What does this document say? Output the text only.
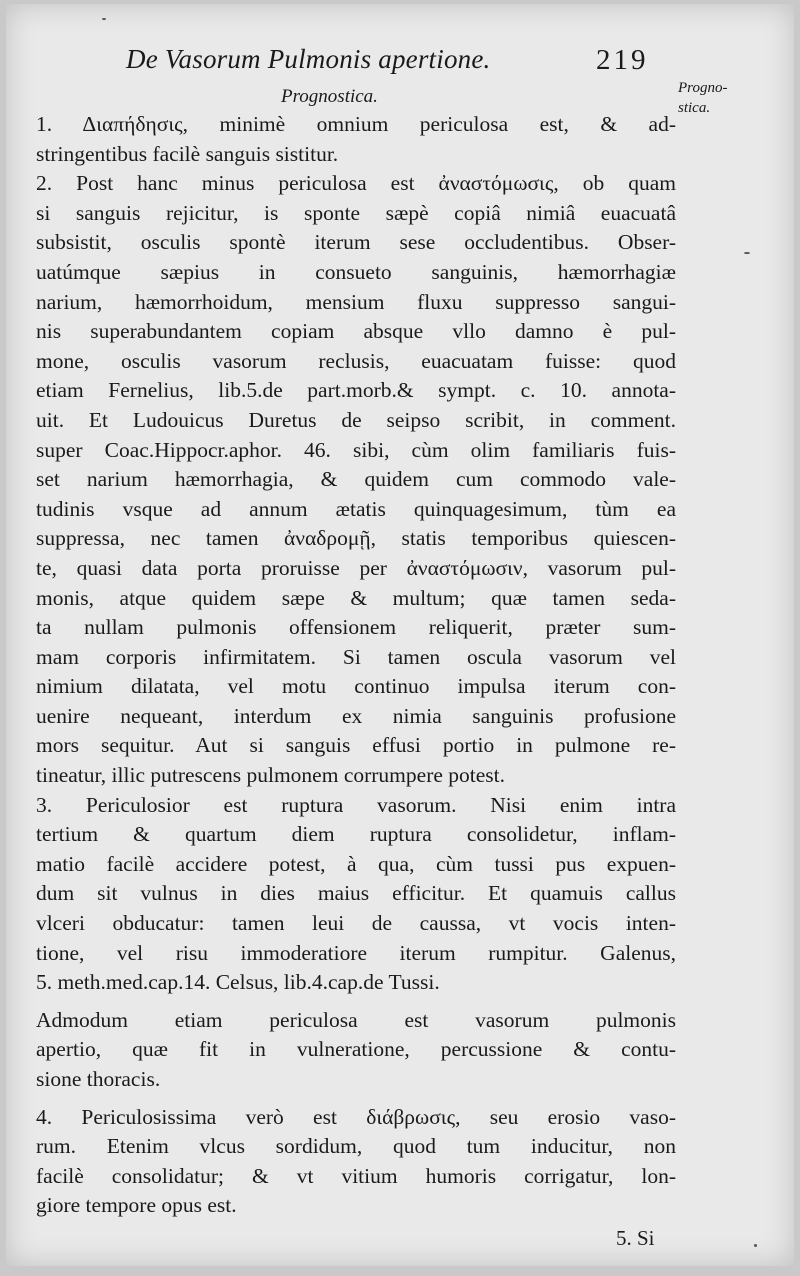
De Vasorum Pulmonis apertione.	219
Progno-
stica.
Prognostica.
1. Διαπήδησις, minimè omnium periculosa est, & ad-
stringentibus facilè sanguis sistitur.
2. Post hanc minus periculosa est ἀναστόμωσις, ob quam
si sanguis rejicitur, is sponte sæpè copiâ nimiâ euacuatâ
subsistit, osculis spontè iterum sese occludentibus. Obser-
uatúmque sæpius in consueto sanguinis, hæmorrhagiæ
narium, hæmorrhoidum, mensium fluxu suppresso sangui-
nis superabundantem copiam absque vllo damno è pul-
mone, osculis vasorum reclusis, euacuatam fuisse: quod
etiam Fernelius, lib.5.de part.morb.& sympt. c. 10. annota-
uit. Et Ludouicus Duretus de seipso scribit, in comment.
super Coac.Hippocr.aphor. 46. sibi, cùm olim familiaris fuis-
set narium hæmorrhagia, & quidem cum commodo vale-
tudinis vsque ad annum ætatis quinquagesimum, tùm ea
suppressa, nec tamen ἀναδρομῇ, statis temporibus quiescen-
te, quasi data porta proruisse per ἀναστόμωσιν, vasorum pul-
monis, atque quidem sæpe & multum; quæ tamen seda-
ta nullam pulmonis offensionem reliquerit, præter sum-
mam corporis infirmitatem. Si tamen oscula vasorum vel
nimium dilatata, vel motu continuo impulsa iterum con-
uenire nequeant, interdum ex nimia sanguinis profusione
mors sequitur. Aut si sanguis effusi portio in pulmone re-
tineatur, illic putrescens pulmonem corrumpere potest.
3. Periculosior est ruptura vasorum. Nisi enim intra
tertium & quartum diem ruptura consolidetur, inflam-
matio facilè accidere potest, à qua, cùm tussi pus expuen-
dum sit vulnus in dies maius efficitur. Et quamuis callus
vlceri obducatur: tamen leui de caussa, vt vocis inten-
tione, vel risu immoderatiore iterum rumpitur. Galenus,
5. meth.med.cap.14. Celsus, lib.4.cap.de Tussi.
Admodum etiam periculosa est vasorum pulmonis
apertio, quæ fit in vulneratione, percussione & contu-
sione thoracis.
4. Periculosissima verò est διάβρωσις, seu erosio vaso-
rum. Etenim vlcus sordidum, quod tum inducitur, non
facilè consolidatur; & vt vitium humoris corrigatur, lon-
giore tempore opus est.
5. Si
